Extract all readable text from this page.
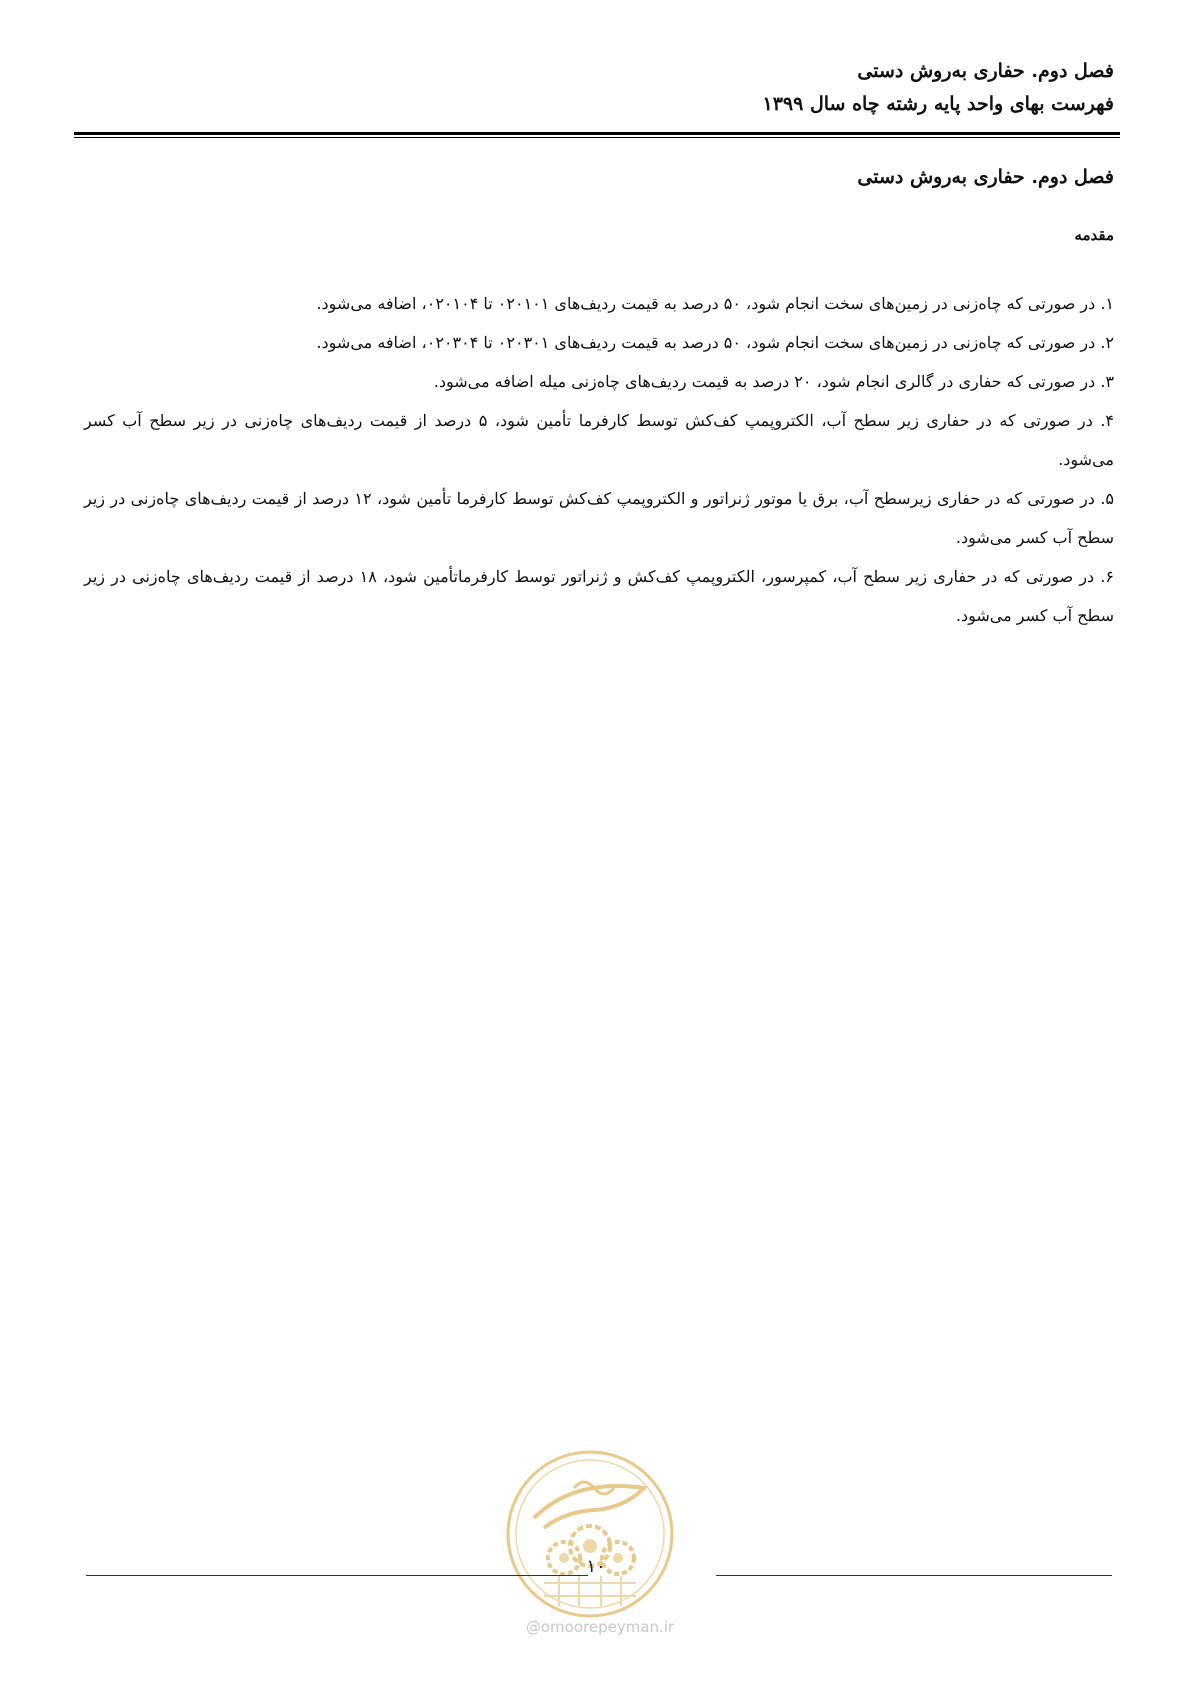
فصل دوم. حفاری به‌روش دستی
فهرست بهای واحد پایه رشته چاه سال ۱۳۹۹
فصل دوم. حفاری به‌روش دستی
مقدمه

۱. در صورتی که چاه‌زنی در زمین‌های سخت انجام شود، ۵۰ درصد به قیمت ردیف‌های ۰۲۰۱۰۱ تا ۰۲۰۱۰۴، اضافه می‌شود.

۲. در صورتی که چاه‌زنی در زمین‌های سخت انجام شود، ۵۰ درصد به قیمت ردیف‌های ۰۲۰۳۰۱ تا ۰۲۰۳۰۴، اضافه می‌شود.

۳. در صورتی که حفاری در گالری انجام شود، ۲۰ درصد به قیمت ردیف‌های چاه‌زنی میله اضافه می‌شود.

۴. در صورتی که در حفاری زیر سطح آب، الکتروپمپ کف‌کش توسط کارفرما تأمین شود، ۵ درصد از قیمت ردیف‌های چاه‌زنی در زیر سطح آب کسر می‌شود.

۵. در صورتی که در حفاری زیرسطح آب، برق یا موتور ژنراتور و الکتروپمپ کف‌کش توسط کارفرما تأمین شود، ۱۲ درصد از قیمت ردیف‌های چاه‌زنی در زیر سطح آب کسر می‌شود.

۶. در صورتی که در حفاری زیر سطح آب، کمپرسور، الکتروپمپ کف‌کش و ژنراتور توسط کارفرماتأمین شود، ۱۸ درصد از قیمت ردیف‌های چاه‌زنی در زیر سطح آب کسر می‌شود.

۱۰
@omoorepeyman.ir
